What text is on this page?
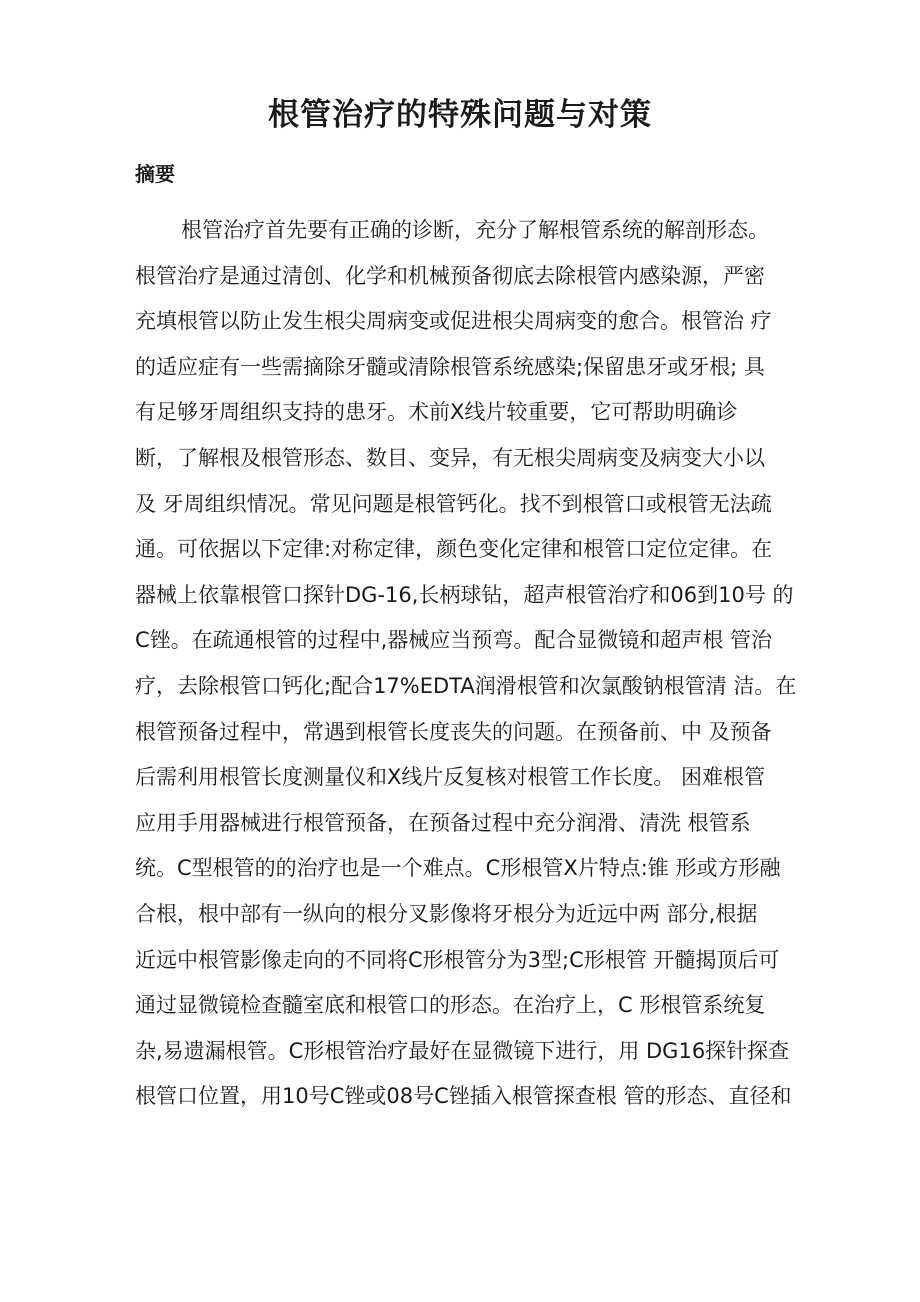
根管治疗的特殊问题与对策
摘要
根管治疗首先要有正确的诊断，充分了解根管系统的解剖形态。
根管治疗是通过清创、化学和机械预备彻底去除根管内感染源，严密
充填根管以防止发生根尖周病变或促进根尖周病变的愈合。根管治 疗
的适应症有一些需摘除牙髓或清除根管系统感染;保留患牙或牙根; 具
有足够牙周组织支持的患牙。术前X线片较重要，它可帮助明确诊
断，了解根及根管形态、数目、变异，有无根尖周病变及病变大小以
及 牙周组织情况。常见问题是根管钙化。找不到根管口或根管无法疏
通。可依据以下定律:对称定律，颜色变化定律和根管口定位定律。在
器械上依靠根管口探针DG-16,长柄球钻，超声根管治疗和06到10号 的
C锉。在疏通根管的过程中,器械应当预弯。配合显微镜和超声根 管治
疗，去除根管口钙化;配合17%EDTA润滑根管和次氯酸钠根管清 洁。在
根管预备过程中，常遇到根管长度丧失的问题。在预备前、中 及预备
后需利用根管长度测量仪和X线片反复核对根管工作长度。 困难根管
应用手用器械进行根管预备，在预备过程中充分润滑、清洗 根管系
统。C型根管的的治疗也是一个难点。C形根管X片特点:锥 形或方形融
合根，根中部有一纵向的根分叉影像将牙根分为近远中两 部分,根据
近远中根管影像走向的不同将C形根管分为3型;C形根管 开髓揭顶后可
通过显微镜检查髓室底和根管口的形态。在治疗上，C 形根管系统复
杂,易遗漏根管。C形根管治疗最好在显微镜下进行，用 DG16探针探查
根管口位置，用10号C锉或08号C锉插入根管探查根 管的形态、直径和
